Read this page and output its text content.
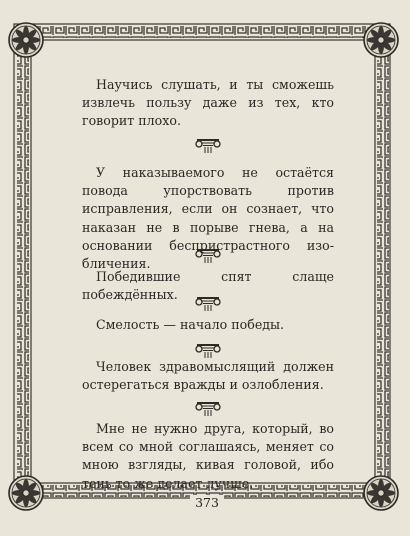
Научись слушать, и ты сможешь извлечь пользу даже из тех, кто говорит плохо.

У наказываемого не остаётся повода упорствовать против исправления, если он сознает, что наказан не в порыве гнева, а на основании беспристрастного изобличения.

Победившие спят слаще побеждённых.

Смелость — начало победы.

Человек здравомыслящий должен остерегаться вражды и озлобления.

Мне не нужно друга, который, во всем со мной соглашаясь, меняет со мною взгляды, кивая головой, ибо тень то же делает лучше.

373
